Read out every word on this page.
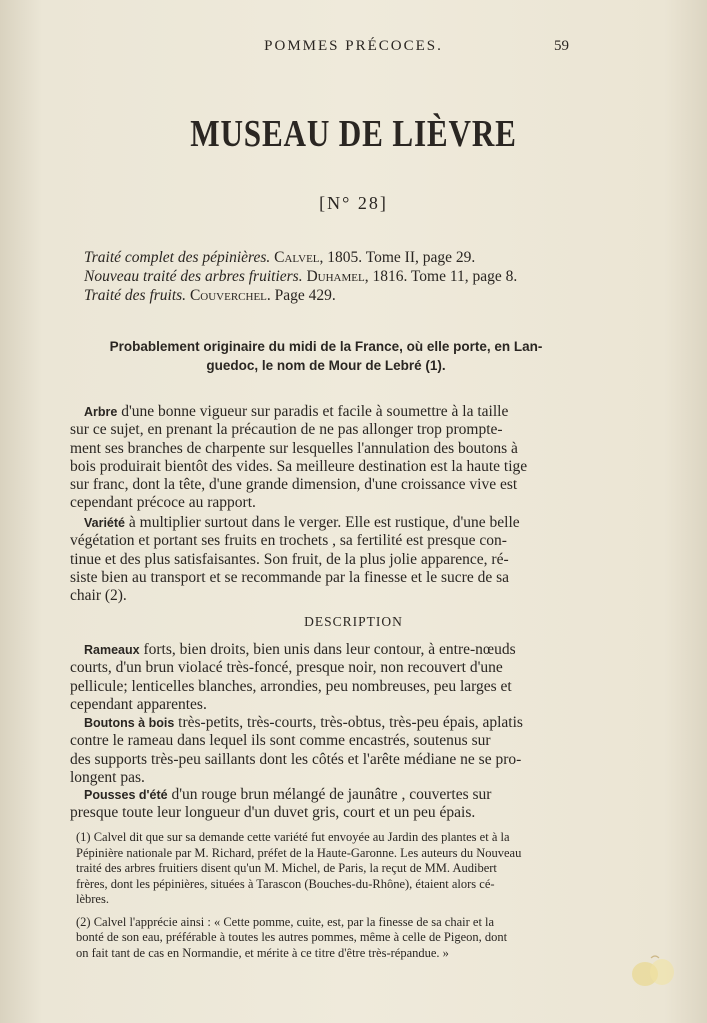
POMMES PRÉCOCES.	59
MUSEAU DE LIÈVRE
[N° 28]
Traité complet des pépinières. Calvel, 1805. Tome II, page 29.
Nouveau traité des arbres fruitiers. Duhamel, 1816. Tome 11, page 8.
Traité des fruits. Couverchel. Page 429.
Probablement originaire du midi de la France, où elle porte, en Lan-
guedoc, le nom de Mour de Lebré (1).
Arbre d'une bonne vigueur sur paradis et facile à soumettre à la taille
sur ce sujet, en prenant la précaution de ne pas allonger trop prompte-
ment ses branches de charpente sur lesquelles l'annulation des boutons à
bois produirait bientôt des vides. Sa meilleure destination est la haute tige
sur franc, dont la tête, d'une grande dimension, d'une croissance vive est
cependant précoce au rapport.
Variété à multiplier surtout dans le verger. Elle est rustique, d'une belle
végétation et portant ses fruits en trochets , sa fertilité est presque con-
tinue et des plus satisfaisantes. Son fruit, de la plus jolie apparence, ré-
siste bien au transport et se recommande par la finesse et le sucre de sa
chair (2).
DESCRIPTION
Rameaux forts, bien droits, bien unis dans leur contour, à entre-nœuds
courts, d'un brun violacé très-foncé, presque noir, non recouvert d'une
pellicule; lenticelles blanches, arrondies, peu nombreuses, peu larges et
cependant apparentes.
Boutons à bois très-petits, très-courts, très-obtus, très-peu épais, aplatis
contre le rameau dans lequel ils sont comme encastrés, soutenus sur
des supports très-peu saillants dont les côtés et l'arête médiane ne se pro-
longent pas.
Pousses d'été d'un rouge brun mélangé de jaunâtre , couvertes sur
presque toute leur longueur d'un duvet gris, court et un peu épais.
(1) Calvel dit que sur sa demande cette variété fut envoyée au Jardin des plantes et à la
Pépinière nationale par M. Richard, préfet de la Haute-Garonne. Les auteurs du Nouveau
traité des arbres fruitiers disent qu'un M. Michel, de Paris, la reçut de MM. Audibert
frères, dont les pépinières, situées à Tarascon (Bouches-du-Rhône), étaient alors cé-
lèbres.
(2) Calvel l'apprécie ainsi : « Cette pomme, cuite, est, par la finesse de sa chair et la
bonté de son eau, préférable à toutes les autres pommes, même à celle de Pigeon, dont
on fait tant de cas en Normandie, et mérite à ce titre d'être très-répandue. »
